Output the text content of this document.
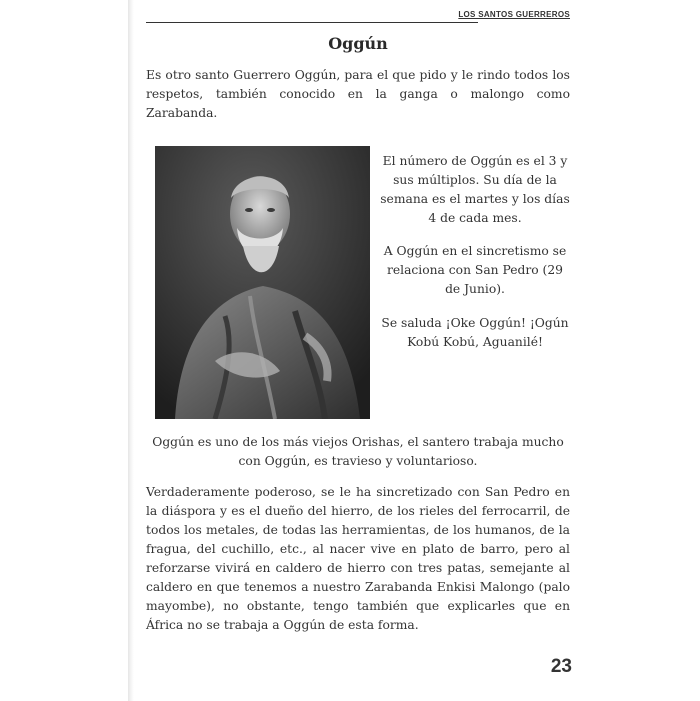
LOS SANTOS GUERREROS
Oggún
Es otro santo Guerrero Oggún, para el que pido y le rindo todos los respetos, también conocido en la ganga o malongo como Zarabanda.
El número de Oggún es el 3 y sus múltiplos. Su día de la semana es el martes y los días 4 de cada mes.
A Oggún en el sincretismo se relaciona con San Pedro (29 de Junio).
Se saluda ¡Oke Oggún! ¡Ogún Kobú Kobú, Aguanilé!
Oggún es uno de los más viejos Orishas, el santero trabaja mucho con Oggún, es travieso y voluntarioso.
Verdaderamente poderoso, se le ha sincretizado con San Pedro en la diáspora y es el dueño del hierro, de los rieles del ferrocarril, de todos los metales, de todas las herramientas, de los humanos, de la fragua, del cuchillo, etc., al nacer vive en plato de barro, pero al reforzarse vivirá en caldero de hierro con tres patas, semejante al caldero en que tenemos a nuestro Zarabanda Enkisi Malongo (palo mayombe), no obstante, tengo también que explicarles que en África no se trabaja a Oggún de esta forma.
23
